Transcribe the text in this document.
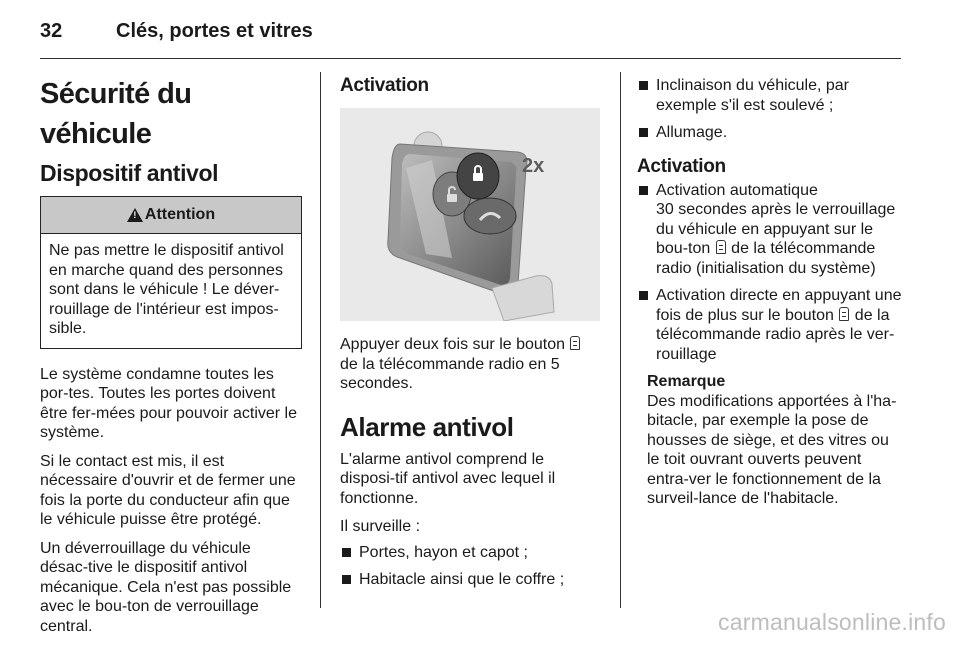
32	Clés, portes et vitres
Sécurité du véhicule
Dispositif antivol
! Attention
Ne pas mettre le dispositif antivol en marche quand des personnes sont dans le véhicule ! Le déver-rouillage de l'intérieur est impos-sible.

Le système condamne toutes les por-tes. Toutes les portes doivent être fer-mées pour pouvoir activer le système.

Si le contact est mis, il est nécessaire d'ouvrir et de fermer une fois la porte du conducteur afin que le véhicule puisse être protégé.

Un déverrouillage du véhicule désac-tive le dispositif antivol mécanique. Cela n'est pas possible avec le bou-ton de verrouillage central.

Activation
2x

Appuyer deux fois sur le bouton  de la télécommande radio en 5 secondes.

Alarme antivol

L'alarme antivol comprend le disposi-tif antivol avec lequel il fonctionne.

Il surveille :

Portes, hayon et capot ;
Habitacle ainsi que le coffre ;
Inclinaison du véhicule, par exemple s'il est soulevé ;
Allumage.
Activation
Activation automatique
30 secondes après le verrouillage du véhicule en appuyant sur le bou-ton de la télécommande radio (initialisation du système)
Activation directe en appuyant une fois de plus sur le bouton de la télécommande radio après le ver-rouillage
Remarque
Des modifications apportées à l'ha-bitacle, par exemple la pose de housses de siège, et des vitres ou le toit ouvrant ouverts peuvent entra-ver le fonctionnement de la surveil-lance de l'habitacle.
carmanualsonline.info
